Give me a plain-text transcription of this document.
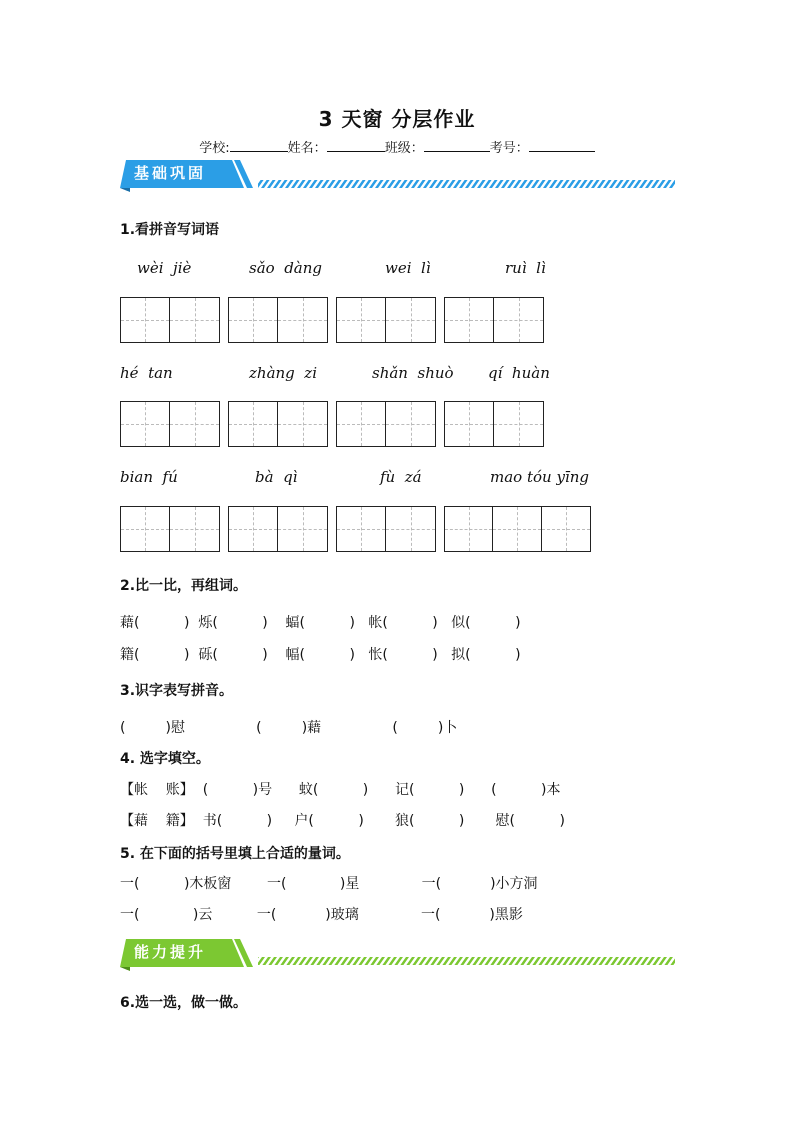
3 天窗 分层作业
学校:	姓名：	班级：	考号：
基础巩固
1.看拼音写词语
wèi  jiè	sǎo  dàng	wei  lì	ruì  lì
hé  tan	zhàng  zi	shǎn  shuò qí  huàn
bian  fú	bà  qì	fù  zá	mao tóu yīng
2.比一比，再组词。
藉(          )  烁(          )    蝠(          )   帐(          )   似(          )
籍(          )  砾(          )    幅(          )   怅(          )   拟(          )
3.识字表写拼音。
(         )慰                (         )藉                (         )卜
4. 选字填空。
【帐    账】  (          )号      蚊(          )      记(          )      (          )本
【藉    籍】  书(          )     户(          )       狼(          )       慰(          )
5. 在下面的括号里填上合适的量词。
一(          )木板窗        一(            )星              一(           )小方洞
一(            )云          一(           )玻璃              一(           )黑影
能力提升
6.选一选，做一做。
